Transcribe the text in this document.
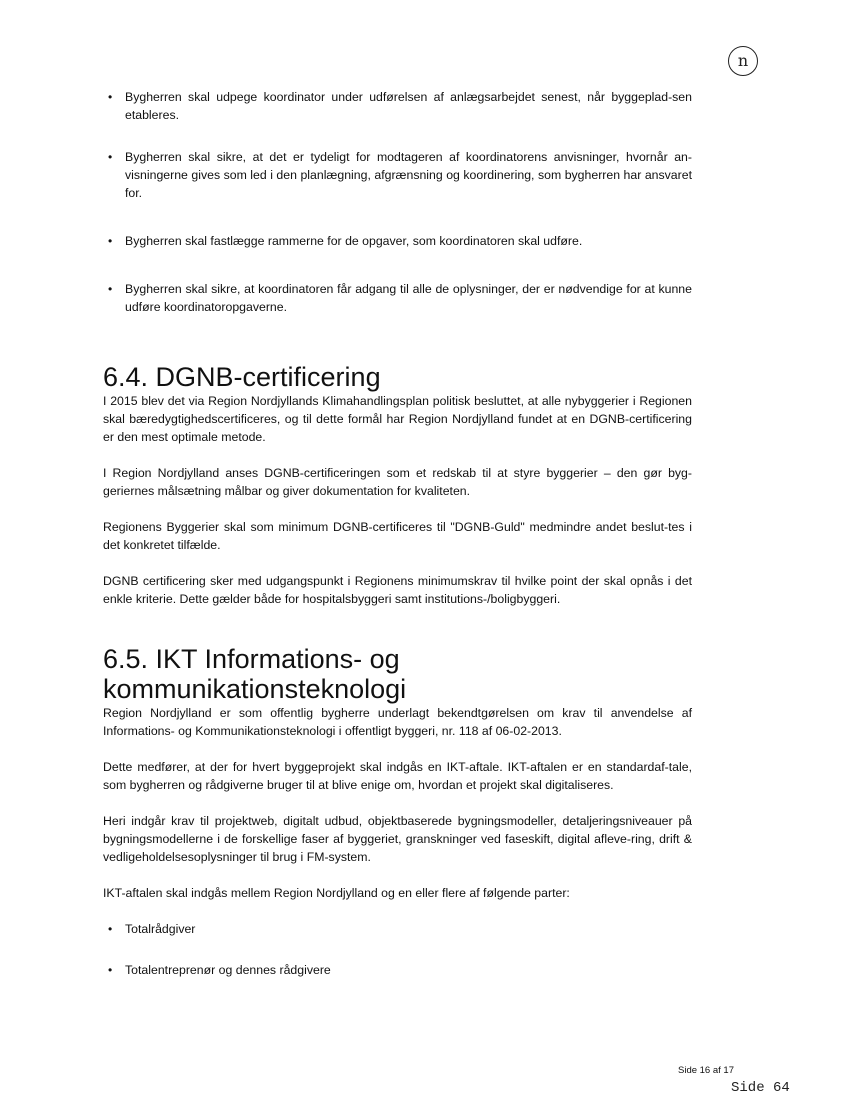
n
• Bygherren skal udpege koordinator under udførelsen af anlægsarbejdet senest, når byggeplad-sen etableres.
• Bygherren skal sikre, at det er tydeligt for modtageren af koordinatorens anvisninger, hvornår an-visningerne gives som led i den planlægning, afgrænsning og koordinering, som bygherren har ansvaret for.
• Bygherren skal fastlægge rammerne for de opgaver, som koordinatoren skal udføre.
• Bygherren skal sikre, at koordinatoren får adgang til alle de oplysninger, der er nødvendige for at kunne udføre koordinatoropgaverne.
6.4. DGNB-certificering

I 2015 blev det via Region Nordjyllands Klimahandlingsplan politisk besluttet, at alle nybyggerier i Regionen skal bæredygtighedscertificeres, og til dette formål har Region Nordjylland fundet at en DGNB-certificering er den mest optimale metode.

I Region Nordjylland anses DGNB-certificeringen som et redskab til at styre byggerier – den gør byg-geriernes målsætning målbar og giver dokumentation for kvaliteten.

Regionens Byggerier skal som minimum DGNB-certificeres til "DGNB-Guld" medmindre andet beslut-tes i det konkretet tilfælde.

DGNB certificering sker med udgangspunkt i Regionens minimumskrav til hvilke point der skal opnås i det enkle kriterie. Dette gælder både for hospitalsbyggeri samt institutions-/boligbyggeri.

6.5. IKT Informations- og kommunikationsteknologi

Region Nordjylland er som offentlig bygherre underlagt bekendtgørelsen om krav til anvendelse af Informations- og Kommunikationsteknologi i offentligt byggeri, nr. 118 af 06-02-2013.

Dette medfører, at der for hvert byggeprojekt skal indgås en IKT-aftale. IKT-aftalen er en standardaf-tale, som bygherren og rådgiverne bruger til at blive enige om, hvordan et projekt skal digitaliseres.

Heri indgår krav til projektweb, digitalt udbud, objektbaserede bygningsmodeller, detaljeringsniveauer på bygningsmodellerne i de forskellige faser af byggeriet, granskninger ved faseskift, digital afleve-ring, drift & vedligeholdelsesoplysninger til brug i FM-system.

IKT-aftalen skal indgås mellem Region Nordjylland og en eller flere af følgende parter:

• Totalrådgiver
• Totalentreprenør og dennes rådgivere
Side 16 af 17
Side 64
